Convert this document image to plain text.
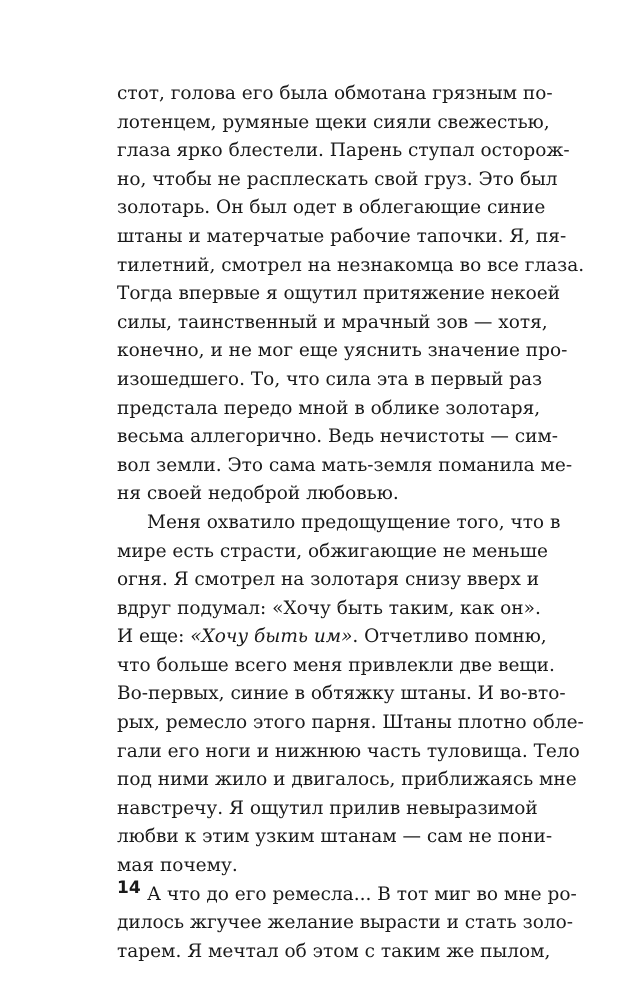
стот, голова его была обмотана грязным по-
лотенцем, румяные щеки сияли свежестью,
глаза ярко блестели. Парень ступал осторож-
но, чтобы не расплескать свой груз. Это был
золотарь. Он был одет в облегающие синие
штаны и матерчатые рабочие тапочки. Я, пя-
тилетний, смотрел на незнакомца во все глаза.
Тогда впервые я ощутил притяжение некоей
силы, таинственный и мрачный зов — хотя,
конечно, и не мог еще уяснить значение про-
изошедшего. То, что сила эта в первый раз
предстала передо мной в облике золотаря,
весьма аллегорично. Ведь нечистоты — сим-
вол земли. Это сама мать-земля поманила ме-
ня своей недоброй любовью.
Меня охватило предощущение того, что в
мире есть страсти, обжигающие не меньше
огня. Я смотрел на золотаря снизу вверх и
вдруг подумал: «Хочу быть таким, как он».
И еще: «Хочу быть им». Отчетливо помню,
что больше всего меня привлекли две вещи.
Во-первых, синие в обтяжку штаны. И во-вто-
рых, ремесло этого парня. Штаны плотно обле-
гали его ноги и нижнюю часть туловища. Тело
под ними жило и двигалось, приближаясь мне
навстречу. Я ощутил прилив невыразимой
любви к этим узким штанам — сам не пони-
мая почему.
А что до его ремесла... В тот миг во мне ро-
дилось жгучее желание вырасти и стать золо-
тарем. Я мечтал об этом с таким же пылом,
14
